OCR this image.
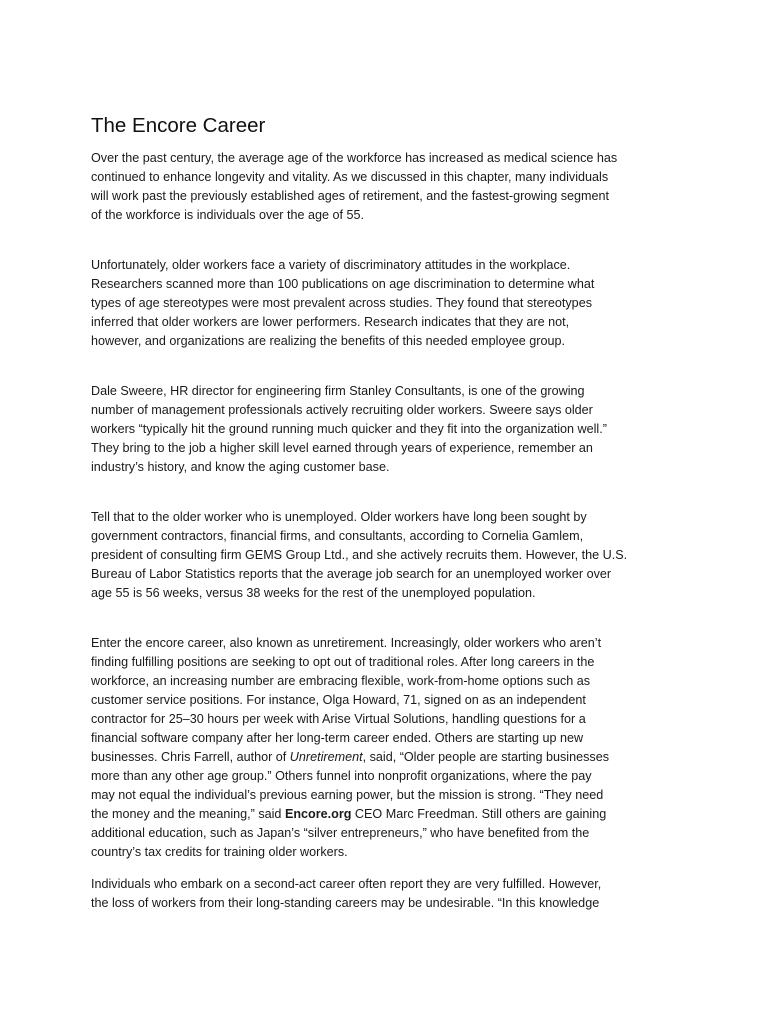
The Encore Career
Over the past century, the average age of the workforce has increased as medical science has
continued to enhance longevity and vitality. As we discussed in this chapter, many individuals
will work past the previously established ages of retirement, and the fastest-growing segment
of the workforce is individuals over the age of 55.
Unfortunately, older workers face a variety of discriminatory attitudes in the workplace.
Researchers scanned more than 100 publications on age discrimination to determine what
types of age stereotypes were most prevalent across studies. They found that stereotypes
inferred that older workers are lower performers. Research indicates that they are not,
however, and organizations are realizing the benefits of this needed employee group.
Dale Sweere, HR director for engineering firm Stanley Consultants, is one of the growing
number of management professionals actively recruiting older workers. Sweere says older
workers “typically hit the ground running much quicker and they fit into the organization well.”
They bring to the job a higher skill level earned through years of experience, remember an
industry’s history, and know the aging customer base.
Tell that to the older worker who is unemployed. Older workers have long been sought by
government contractors, financial firms, and consultants, according to Cornelia Gamlem,
president of consulting firm GEMS Group Ltd., and she actively recruits them. However, the U.S.
Bureau of Labor Statistics reports that the average job search for an unemployed worker over
age 55 is 56 weeks, versus 38 weeks for the rest of the unemployed population.
Enter the encore career, also known as unretirement. Increasingly, older workers who aren’t
finding fulfilling positions are seeking to opt out of traditional roles. After long careers in the
workforce, an increasing number are embracing flexible, work-from-home options such as
customer service positions. For instance, Olga Howard, 71, signed on as an independent
contractor for 25–30 hours per week with Arise Virtual Solutions, handling questions for a
financial software company after her long-term career ended. Others are starting up new
businesses. Chris Farrell, author of Unretirement, said, “Older people are starting businesses
more than any other age group.” Others funnel into nonprofit organizations, where the pay
may not equal the individual’s previous earning power, but the mission is strong. “They need
the money and the meaning,” said Encore.org CEO Marc Freedman. Still others are gaining
additional education, such as Japan’s “silver entrepreneurs,” who have benefited from the
country’s tax credits for training older workers.
Individuals who embark on a second-act career often report they are very fulfilled. However,
the loss of workers from their long-standing careers may be undesirable. “In this knowledge
